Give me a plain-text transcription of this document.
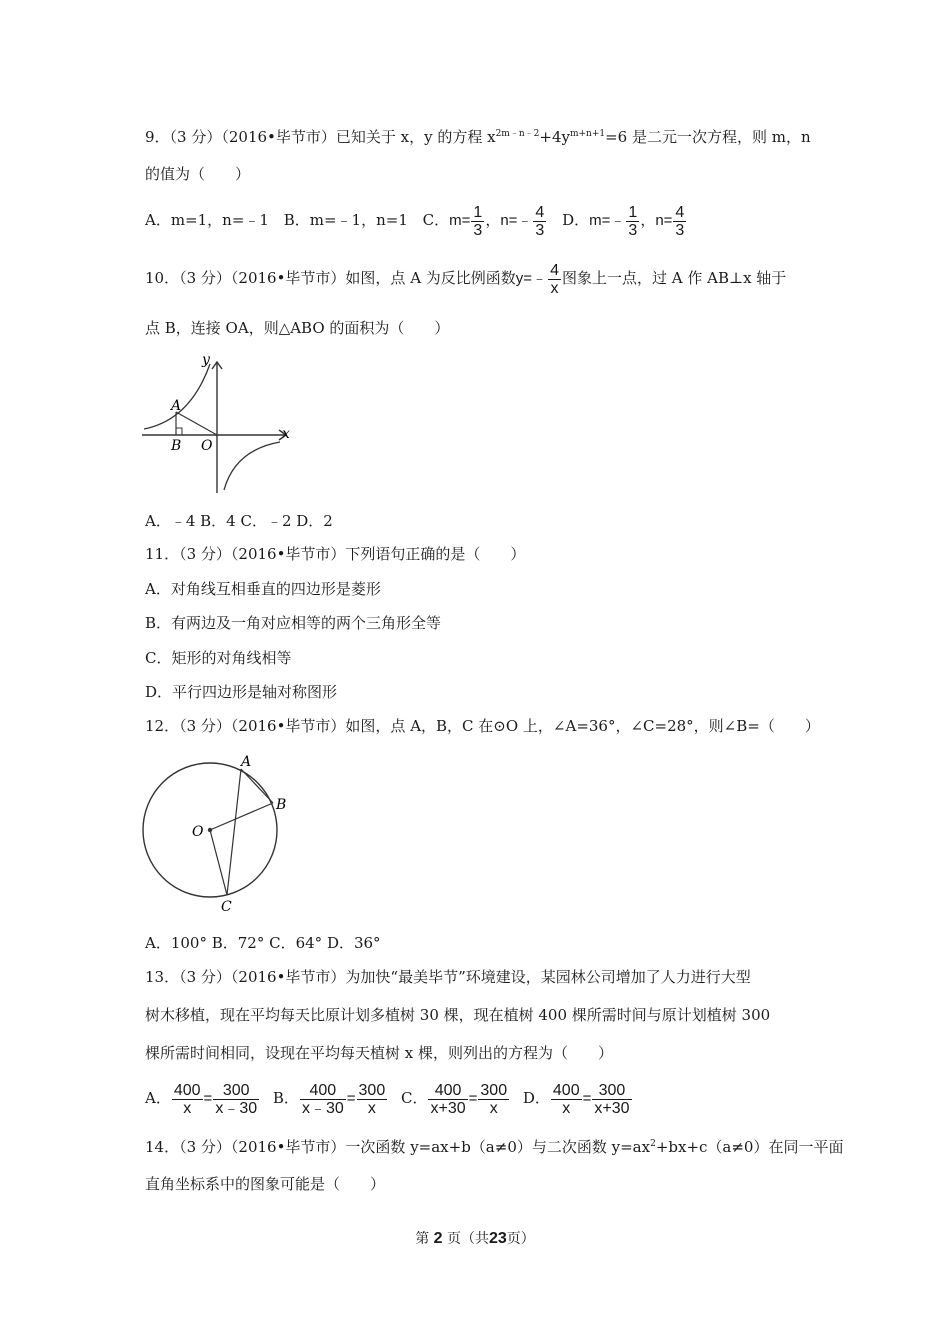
9．（3 分）（2016•毕节市）已知关于 x，y 的方程 $x^{2m﹣n﹣2}+4y^{m+n+1}=6$ 是二元一次方程，则 m，n
的值为（　　）
A．m=1，n=﹣1 B．m=﹣1，n=1 C．$m= \frac{1}{3}$ ，n=﹣ $\frac{4}{3}$ D．m=﹣ $\frac{1}{3}$ ，$n= \frac{4}{3}$
10．（3 分）（2016•毕节市）如图，点 A 为反比例函数y=﹣ $\frac{4}{x}$ 图象上一点，过 A 作 AB⊥x 轴于
点 B，连接 OA，则△ABO 的面积为（　　）
y
x
A
B O
A．﹣4 B．4 C．﹣2 D．2
11．（3 分）（2016•毕节市）下列语句正确的是（　　）
A．对角线互相垂直的四边形是菱形
B．有两边及一角对应相等的两个三角形全等
C．矩形的对角线相等
D．平行四边形是轴对称图形
12．（3 分）（2016•毕节市）如图，点 A，B，C 在⊙O 上，∠A=36°，∠C=28°，则∠B=（　　）
A
B
O
C
A．100° B．72° C．64° D．36°
13．（3 分）（2016•毕节市）为加快“最美毕节”环境建设，某园林公司增加了人力进行大型
树木移植，现在平均每天比原计划多植树 30 棵，现在植树 400 棵所需时间与原计划植树 300
棵所需时间相同，设现在平均每天植树 x 棵，则列出的方程为（　　）
A． $\frac{400}{x} = \frac{300}{x﹣30}$ B． $\frac{400}{x﹣30} = \frac{300}{x}$ C． $\frac{400}{x+30} = \frac{300}{x}$ D． $\frac{400}{x} = \frac{300}{x+30}$
14．（3 分）（2016•毕节市）一次函数 y=ax+b（a≠0）与二次函数 $y=ax^2+bx+c(a\ne 0)$在同一平面
直角坐标系中的图象可能是（　　）
第 2 页（共23页）
